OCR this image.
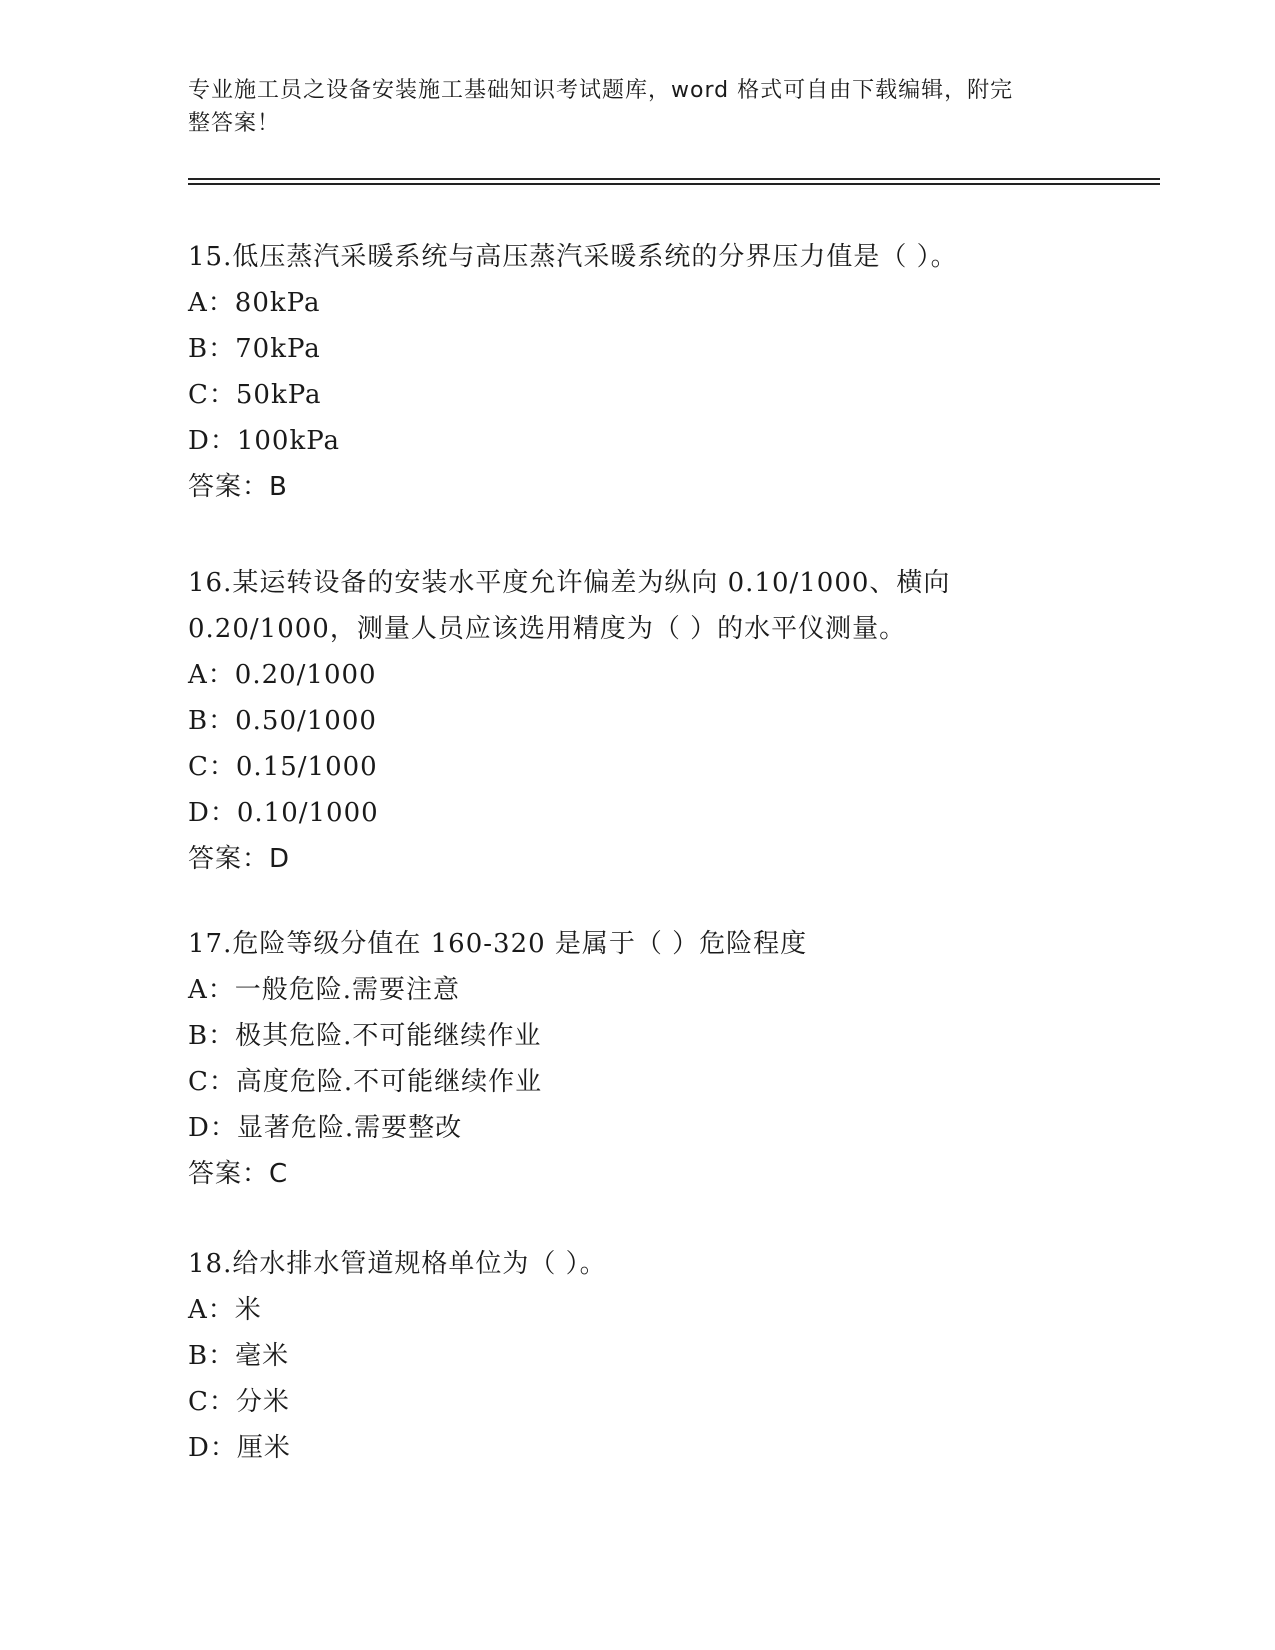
专业施工员之设备安装施工基础知识考试题库，word 格式可自由下载编辑，附完
整答案！
15.低压蒸汽采暖系统与高压蒸汽采暖系统的分界压力值是（ ）。
A：80kPa
B：70kPa
C：50kPa
D：100kPa
答案：B
16.某运转设备的安装水平度允许偏差为纵向 0.10/1000、横向
0.20/1000，测量人员应该选用精度为（ ）的水平仪测量。
A：0.20/1000
B：0.50/1000
C：0.15/1000
D：0.10/1000
答案：D
17.危险等级分值在 160-320 是属于（ ）危险程度
A：一般危险.需要注意
B：极其危险.不可能继续作业
C：高度危险.不可能继续作业
D：显著危险.需要整改
答案：C
18.给水排水管道规格单位为（ ）。
A：米
B：毫米
C：分米
D：厘米
